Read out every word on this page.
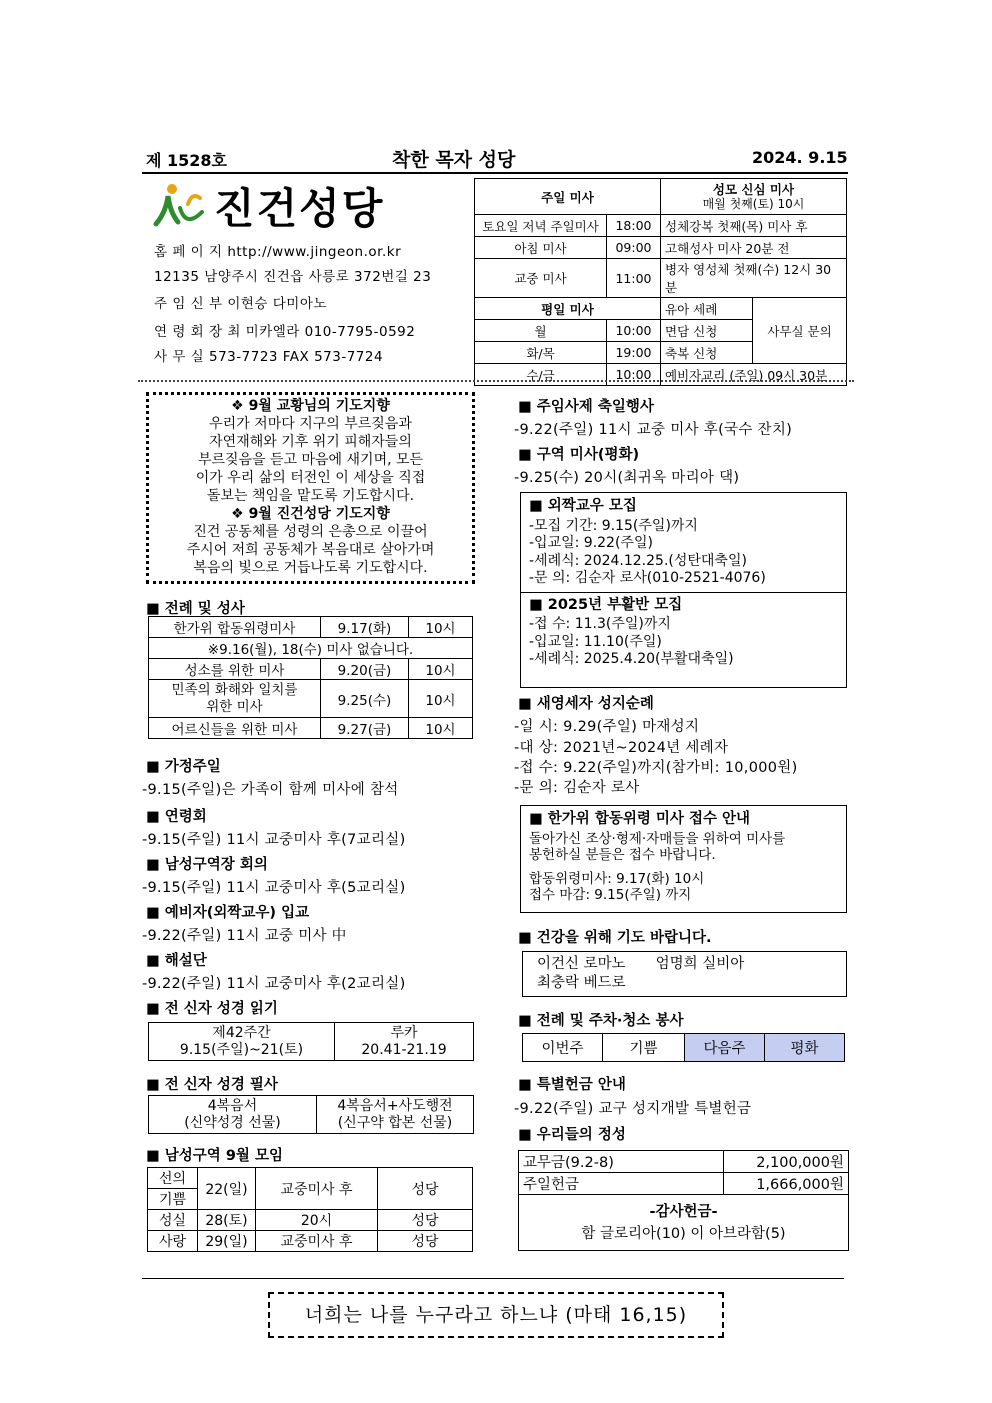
제 1528호	착한 목자 성당	2024. 9.15
진건성당
홈 페 이 지 http://www.jingeon.or.kr
12135 남양주시 진건읍 사릉로 372번길 23
주 임 신 부 이현승 다미아노
연 령 회 장 최 미카엘라 010-7795-0592
사 무 실 573-7723 FAX 573-7724
주일 미사		성모 신심 미사
매월 첫째(토) 10시	
토요일 저녁 주일미사	18:00	성체강복 첫째(목) 미사 후	
아침 미사	09:00	고해성사 미사 20분 전	
교중 미사	11:00	병자 영성체 첫째(수) 12시 30분	
평일 미사		유아 세례	사무실 문의
월	10:00	면담 신청	
화/목	19:00	축복 신청	
수/금	10:00	예비자교리 (주일) 09시 30분	
❖ 9월 교황님의 기도지향
우리가 저마다 지구의 부르짖음과
자연재해와 기후 위기 피해자들의
부르짖음을 듣고 마음에 새기며, 모든
이가 우리 삶의 터전인 이 세상을 직접
돌보는 책임을 맡도록 기도합시다.
❖ 9월 진건성당 기도지향
진건 공동체를 성령의 은총으로 이끌어
주시어 저희 공동체가 복음대로 살아가며
복음의 빛으로 거듭나도록 기도합시다.
■ 전례 및 성사
한가위 합동위령미사	9.17(화)	10시
※9.16(월), 18(수) 미사 없습니다.		
성소를 위한 미사	9.20(금)	10시
민족의 화해와 일치를 위한 미사	9.25(수)	10시
어르신들을 위한 미사	9.27(금)	10시
■ 가정주일
-9.15(주일)은 가족이 함께 미사에 참석
■ 연령회
-9.15(주일) 11시 교중미사 후(7교리실)
■ 남성구역장 회의
-9.15(주일) 11시 교중미사 후(5교리실)
■ 예비자(외짝교우) 입교
-9.22(주일) 11시 교중 미사 中
■ 해설단
-9.22(주일) 11시 교중미사 후(2교리실)
■ 전 신자 성경 읽기
제42주간
9.15(주일)~21(토)	루카
20.41-21.19
■ 전 신자 성경 필사
4복음서
(신약성경 선물)	4복음서+사도행전
(신구약 합본 선물)
■ 남성구역 9월 모임
선의	22(일)	교중미사 후	성당
기쁨			
성실	28(토)	20시	성당
사랑	29(일)	교중미사 후	성당
■ 주임사제 축일행사
-9.22(주일) 11시 교중 미사 후(국수 잔치)
■ 구역 미사(평화)
-9.25(수) 20시(최귀옥 마리아 댁)
■ 외짝교우 모집
-모집 기간: 9.15(주일)까지
-입교일: 9.22(주일)
-세례식: 2024.12.25.(성탄대축일)
-문 의: 김순자 로사(010-2521-4076)
■ 2025년 부활반 모집
-접 수: 11.3(주일)까지
-입교일: 11.10(주일)
-세례식: 2025.4.20(부활대축일)
■ 새영세자 성지순례
-일 시: 9.29(주일) 마재성지
-대 상: 2021년~2024년 세례자
-접 수: 9.22(주일)까지(참가비: 10,000원)
-문 의: 김순자 로사
■ 한가위 합동위령 미사 접수 안내
돌아가신 조상·형제·자매들을 위하여 미사를
봉헌하실 분들은 접수 바랍니다.
합동위령미사: 9.17(화) 10시
접수 마감: 9.15(주일) 까지
■ 건강을 위해 기도 바랍니다.
이건신 로마노 엄명희 실비아
최충락 베드로
■ 전례 및 주차·청소 봉사
이번주	기쁨	다음주	평화
■ 특별헌금 안내
-9.22(주일) 교구 성지개발 특별헌금
■ 우리들의 정성
교무금(9.2-8)	2,100,000원
주일헌금	1,666,000원

-감사헌금-
함 글로리아(10) 이 아브라함(5)	
너희는 나를 누구라고 하느냐 (마태 16,15)
